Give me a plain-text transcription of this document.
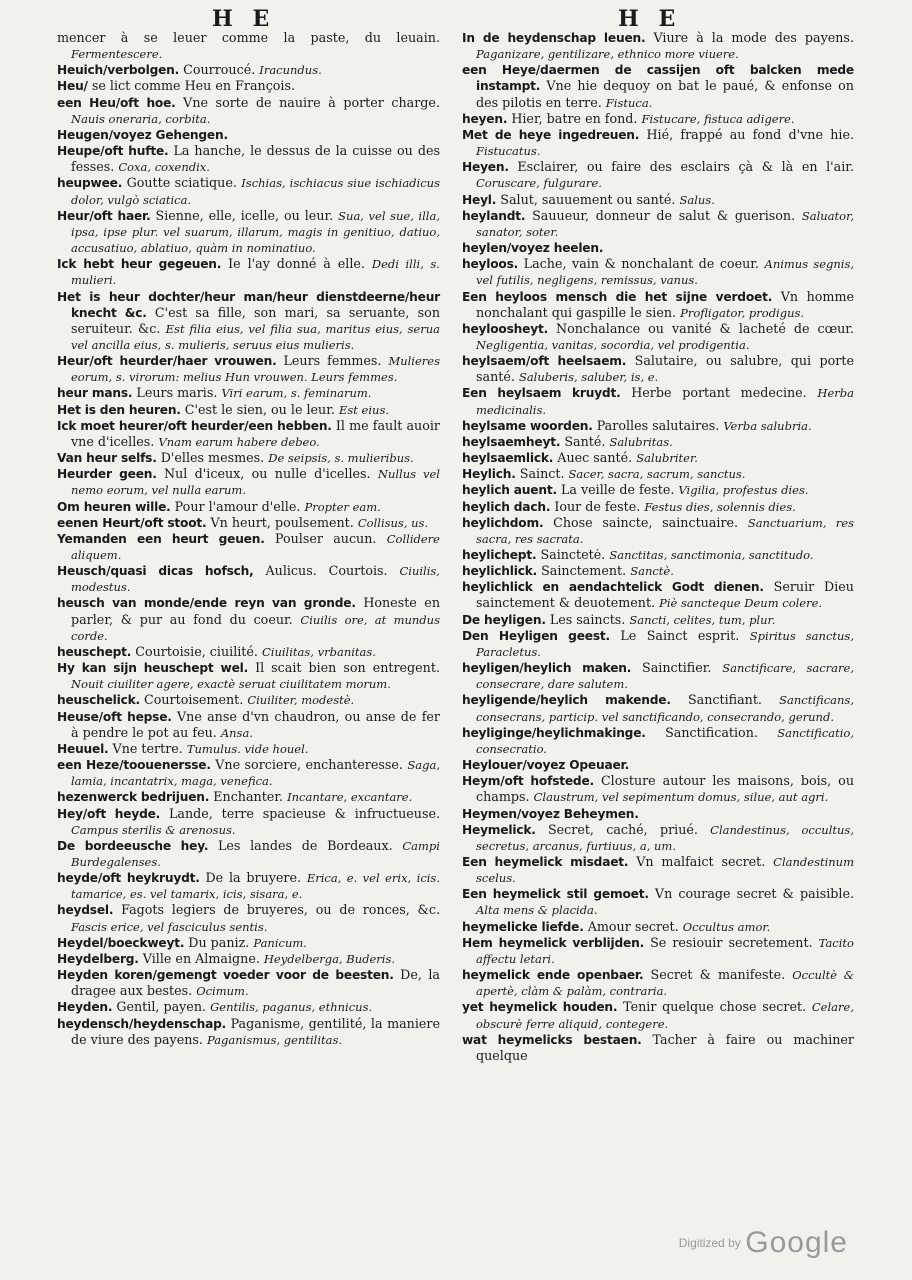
H E	H E

mencer à se leuer comme la paste, du leuain. Fermentescere.

Heuich/verbolgen. Courroucé. Iracundus.

Heu/ se lict comme Heu en François.

een Heu/oft hoe. Vne sorte de nauire à porter charge. Nauis oneraria, corbita.

Heugen/voyez Gehengen.

Heupe/oft hufte. La hanche, le dessus de la cuisse ou des fesses. Coxa, coxendix.

heupwee. Goutte sciatique. Ischias, ischiacus siue ischiadicus dolor, vulgò sciatica.

Heur/oft haer. Sienne, elle, icelle, ou leur. Sua, vel sue, illa, ipsa, ipse plur. vel suarum, illarum, magis in genitiuo, datiuo, accusatiuo, ablatiuo, quàm in nominatiuo.

Ick hebt heur gegeuen. Ie l'ay donné à elle. Dedi illi, s. mulieri.

Het is heur dochter/heur man/heur dienstdeerne/heur knecht &c. C'est sa fille, son mari, sa seruante, son seruiteur. &c. Est filia eius, vel filia sua, maritus eius, serua vel ancilla eius, s. mulieris, seruus eius mulieris.

Heur/oft heurder/haer vrouwen. Leurs femmes. Mulieres eorum, s. virorum: melius Hun vrouwen. Leurs femmes.

heur mans. Leurs maris. Viri earum, s. feminarum.

Het is den heuren. C'est le sien, ou le leur. Est eius.

Ick moet heurer/oft heurder/een hebben. Il me fault auoir vne d'icelles. Vnam earum habere debeo.

Van heur selfs. D'elles mesmes. De seipsis, s. mulieribus.

Heurder geen. Nul d'iceux, ou nulle d'icelles. Nullus vel nemo eorum, vel nulla earum.

Om heuren wille. Pour l'amour d'elle. Propter eam.

eenen Heurt/oft stoot. Vn heurt, poulsement. Collisus, us.

Yemanden een heurt geuen. Poulser aucun. Collidere aliquem.

Heusch/quasi dicas hofsch, Aulicus. Courtois. Ciuilis, modestus.

heusch van monde/ende reyn van gronde. Honeste en parler, & pur au fond du coeur. Ciuilis ore, at mundus corde.

heuschept. Courtoisie, ciuilité. Ciuilitas, vrbanitas.

Hy kan sijn heuschept wel. Il scait bien son entregent. Nouit ciuiliter agere, exactè seruat ciuilitatem morum.

heuschelick. Courtoisement. Ciuiliter, modestè.

Heuse/oft hepse. Vne anse d'vn chaudron, ou anse de fer à pendre le pot au feu. Ansa.

Heuuel. Vne tertre. Tumulus. vide houel.

een Heze/toouenersse. Vne sorciere, enchanteresse. Saga, lamia, incantatrix, maga, venefica.

hezenwerck bedrijuen. Enchanter. Incantare, excantare.

Hey/oft heyde. Lande, terre spacieuse & infructueuse. Campus sterilis & arenosus.

De bordeeusche hey. Les landes de Bordeaux. Campi Burdegalenses.

heyde/oft heykruydt. De la bruyere. Erica, e. vel erix, icis. tamarice, es. vel tamarix, icis, sisara, e.

heydsel. Fagots legiers de bruyeres, ou de ronces, &c. Fascis erice, vel fasciculus sentis.

Heydel/boeckweyt. Du paniz. Panicum.

Heydelberg. Ville en Almaigne. Heydelberga, Buderis.

Heyden koren/gemengt voeder voor de beesten. De, la dragee aux bestes. Ocimum.

Heyden. Gentil, payen. Gentilis, paganus, ethnicus.

heydensch/heydenschap. Paganisme, gentilité, la maniere de viure des payens. Paganismus, gentilitas.

In de heydenschap leuen. Viure à la mode des payens. Paganizare, gentilizare, ethnico more viuere.

een Heye/daermen de cassijen oft balcken mede instampt. Vne hie dequoy on bat le paué, & enfonse on des pilotis en terre. Fistuca.

heyen. Hier, batre en fond. Fistucare, fistuca adigere.

Met de heye ingedreuen. Hié, frappé au fond d'vne hie. Fistucatus.

Heyen. Esclairer, ou faire des esclairs çà & là en l'air. Coruscare, fulgurare.

Heyl. Salut, sauuement ou santé. Salus.

heylandt. Sauueur, donneur de salut & guerison. Saluator, sanator, soter.

heylen/voyez heelen.

heyloos. Lache, vain & nonchalant de coeur. Animus segnis, vel futilis, negligens, remissus, vanus.

Een heyloos mensch die het sijne verdoet. Vn homme nonchalant qui gaspille le sien. Profligator, prodigus.

heyloosheyt. Nonchalance ou vanité & lacheté de cœur. Negligentia, vanitas, socordia, vel prodigentia.

heylsaem/oft heelsaem. Salutaire, ou salubre, qui porte santé. Saluberis, saluber, is, e.

Een heylsaem kruydt. Herbe portant medecine. Herba medicinalis.

heylsame woorden. Parolles salutaires. Verba salubria.

heylsaemheyt. Santé. Salubritas.

heylsaemlick. Auec santé. Salubriter.

Heylich. Sainct. Sacer, sacra, sacrum, sanctus.

heylich auent. La veille de feste. Vigilia, profestus dies.

heylich dach. Iour de feste. Festus dies, solennis dies.

heylichdom. Chose saincte, sainctuaire. Sanctuarium, res sacra, res sacrata.

heylichept. Sainctetė. Sanctitas, sanctimonia, sanctitudo.

heylichlick. Sainctement. Sanctè.

heylichlick en aendachtelick Godt dienen. Seruir Dieu sainctement & deuotement. Piè sancteque Deum colere.

De heyligen. Les saincts. Sancti, celites, tum, plur.

Den Heyligen geest. Le Sainct esprit. Spiritus sanctus, Paracletus.

heyligen/heylich maken. Sainctifier. Sanctificare, sacrare, consecrare, dare salutem.

heyligende/heylich makende. Sanctifiant. Sanctificans, consecrans, particip. vel sanctificando, consecrando, gerund.

heyliginge/heylichmakinge. Sanctification. Sanctificatio, consecratio.

Heylouer/voyez Opeuaer.

Heym/oft hofstede. Closture autour les maisons, bois, ou champs. Claustrum, vel sepimentum domus, silue, aut agri.

Heymen/voyez Beheymen.

Heymelick. Secret, caché, priué. Clandestinus, occultus, secretus, arcanus, furtiuus, a, um.

Een heymelick misdaet. Vn malfaict secret. Clandestinum scelus.

Een heymelick stil gemoet. Vn courage secret & paisible. Alta mens & placida.

heymelicke liefde. Amour secret. Occultus amor.

Hem heymelick verblijden. Se resiouir secretement. Tacito affectu letari.

heymelick ende openbaer. Secret & manifeste. Occultè & apertè, clàm & palàm, contraria.

yet heymelick houden. Tenir quelque chose secret. Celare, obscurè ferre aliquid, contegere.

wat heymelicks bestaen. Tacher à faire ou machiner quelque

Digitized by Google
